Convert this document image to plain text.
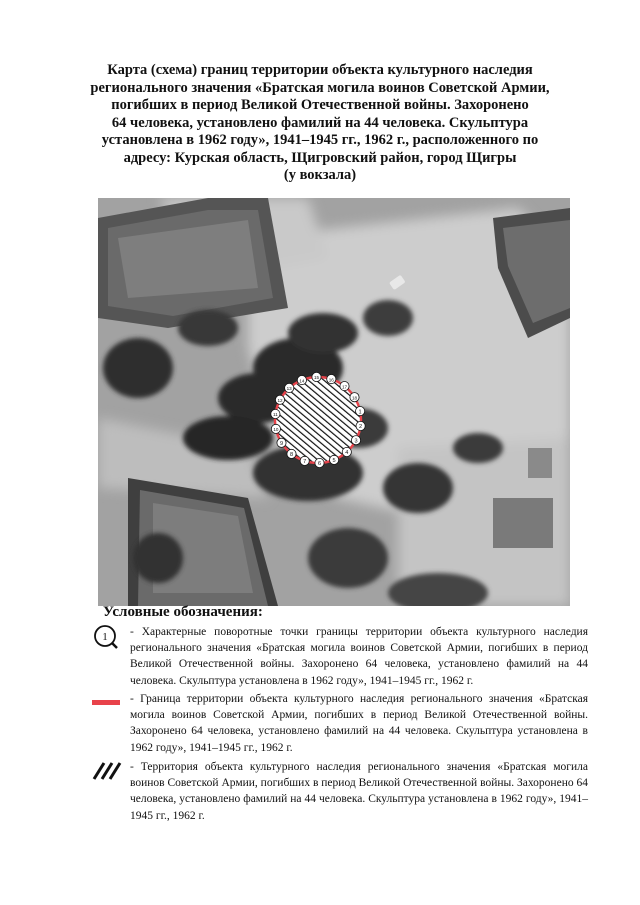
Карта (схема) границ территории объекта культурного наследия
регионального значения «Братская могила воинов Советской Армии,
погибших в период Великой Отечественной войны. Захоронено
64 человека, установлено фамилий на 44 человека. Скульптура
установлена в 1962 году», 1941–1945 гг., 1962 г., расположенного по
адресу: Курская область, Щигровский район, город Щигры
(у вокзала)
1
2
3
4
5
6
7
8
9
10
11
12
13
14
15 16
17
18
Условные обозначения:
1 - Характерные поворотные точки границы территории объекта культурного наследия регионального значения «Братская могила воинов Советской Армии, погибших в период Великой Отечественной войны. Захоронено 64 человека, установлено фамилий на 44 человека. Скульптура установлена в 1962 году», 1941–1945 гг., 1962 г.
- Граница территории объекта культурного наследия регионального значения «Братская могила воинов Советской Армии, погибших в период Великой Отечественной войны. Захоронено 64 человека, установлено фамилий на 44 человека. Скульптура установлена в 1962 году», 1941–1945 гг., 1962 г.
- Территория объекта культурного наследия регионального значения «Братская могила воинов Советской Армии, погибших в период Великой Отечественной войны. Захоронено 64 человека, установлено фамилий на 44 человека. Скульптура установлена в 1962 году», 1941–1945 гг., 1962 г.
